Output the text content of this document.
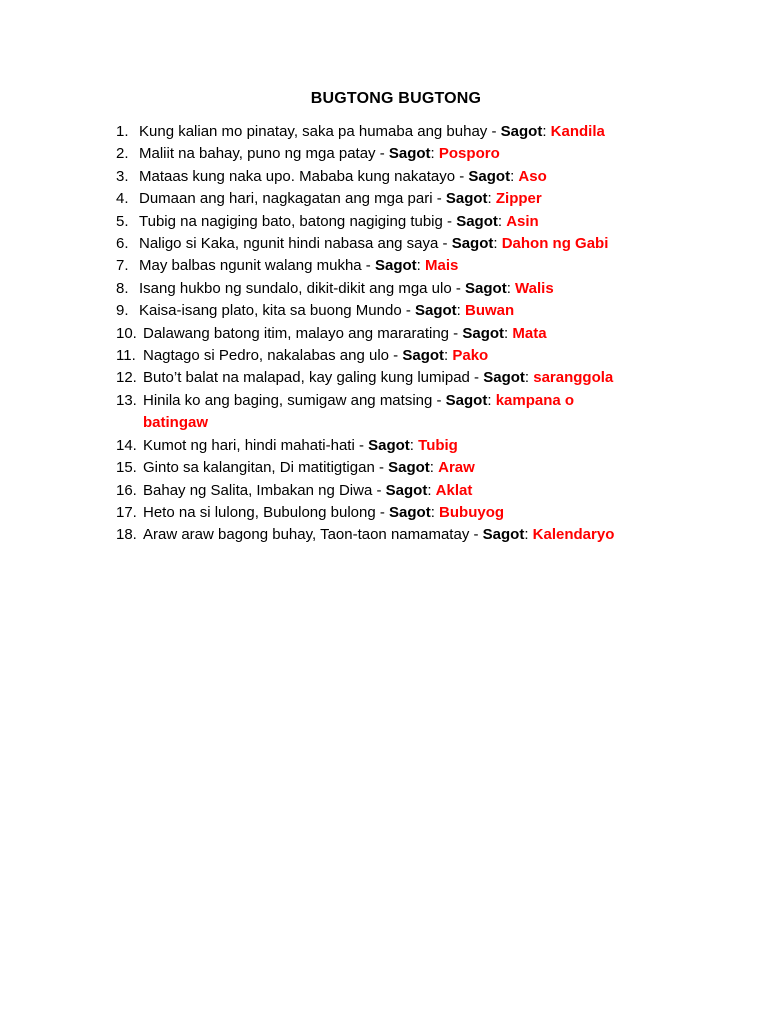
BUGTONG BUGTONG
1. Kung kalian mo pinatay, saka pa humaba ang buhay - Sagot: Kandila
2. Maliit na bahay, puno ng mga patay - Sagot: Posporo
3. Mataas kung naka upo. Mababa kung nakatayo - Sagot: Aso
4. Dumaan ang hari, nagkagatan ang mga pari - Sagot: Zipper
5. Tubig na nagiging bato, batong nagiging tubig - Sagot: Asin
6. Naligo si Kaka, ngunit hindi nabasa ang saya - Sagot: Dahon ng Gabi
7. May balbas ngunit walang mukha - Sagot: Mais
8. Isang hukbo ng sundalo, dikit-dikit ang mga ulo - Sagot: Walis
9. Kaisa-isang plato, kita sa buong Mundo - Sagot: Buwan
10. Dalawang batong itim, malayo ang mararating - Sagot: Mata
11. Nagtago si Pedro, nakalabas ang ulo - Sagot: Pako
12. Buto’t balat na malapad, kay galing kung lumipad - Sagot: saranggola
13. Hinila ko ang baging, sumigaw ang matsing - Sagot: kampana o batingaw
14. Kumot ng hari, hindi mahati-hati - Sagot: Tubig
15. Ginto sa kalangitan, Di matitigtigan - Sagot: Araw
16. Bahay ng Salita, Imbakan ng Diwa - Sagot: Aklat
17. Heto na si lulong, Bubulong bulong - Sagot: Bubuyog
18. Araw araw bagong buhay, Taon-taon namamatay - Sagot: Kalendaryo
